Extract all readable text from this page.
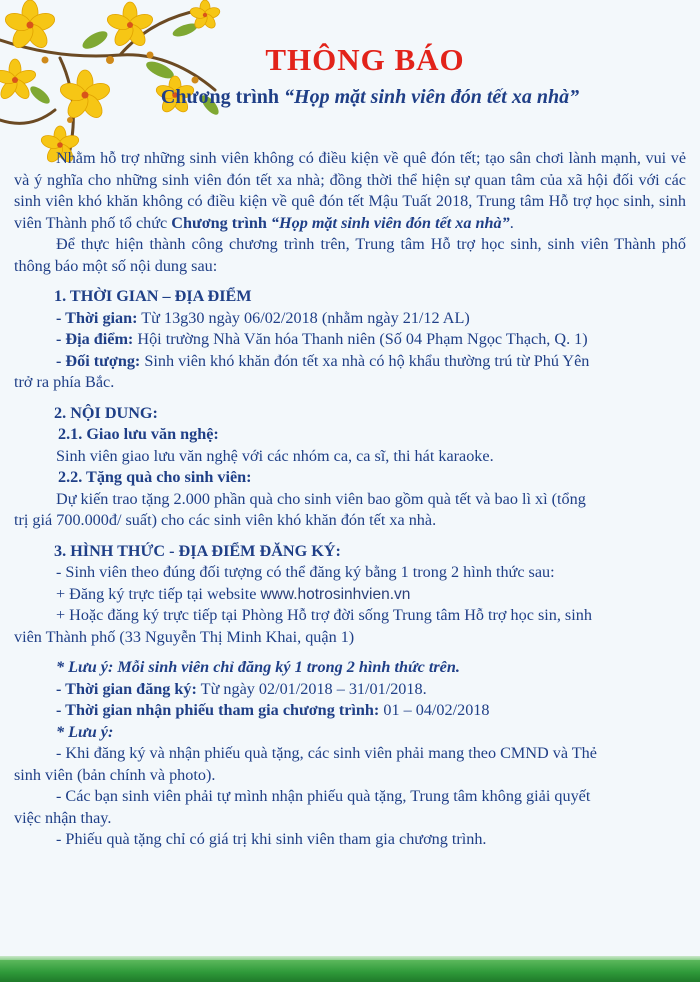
THÔNG BÁO
Chương trình “Họp mặt sinh viên đón tết xa nhà”

Nhằm hỗ trợ những sinh viên không có điều kiện về quê đón tết; tạo sân chơi lành mạnh, vui vẻ và ý nghĩa cho những sinh viên đón tết xa nhà; đồng thời thể hiện sự quan tâm của xã hội đối với các sinh viên khó khăn không có điều kiện về quê đón tết Mậu Tuất 2018, Trung tâm Hỗ trợ học sinh, sinh viên Thành phố tổ chức Chương trình “Họp mặt sinh viên đón tết xa nhà”.

Để thực hiện thành công chương trình trên, Trung tâm Hỗ trợ học sinh, sinh viên Thành phố thông báo một số nội dung sau:

1. THỜI GIAN – ĐỊA ĐIỂM

- Thời gian: Từ 13g30 ngày 06/02/2018 (nhằm ngày 21/12 AL)

- Địa điểm: Hội trường Nhà Văn hóa Thanh niên (Số 04 Phạm Ngọc Thạch, Q. 1)

- Đối tượng: Sinh viên khó khăn đón tết xa nhà có hộ khẩu thường trú từ Phú Yên

trở ra phía Bắc.

2. NỘI DUNG:

2.1. Giao lưu văn nghệ:

Sinh viên giao lưu văn nghệ với các nhóm ca, ca sĩ, thi hát karaoke.

2.2. Tặng quà cho sinh viên:

Dự kiến trao tặng 2.000 phần quà cho sinh viên bao gồm quà tết và bao lì xì (tổng

trị giá 700.000đ/ suất) cho các sinh viên khó khăn đón tết xa nhà.

3. HÌNH THỨC - ĐỊA ĐIỂM ĐĂNG KÝ:

- Sinh viên theo đúng đối tượng có thể đăng ký bằng 1 trong 2 hình thức sau:

+ Đăng ký trực tiếp tại website www.hotrosinhvien.vn

+ Hoặc đăng ký trực tiếp tại Phòng Hỗ trợ đời sống Trung tâm Hỗ trợ học sin, sinh

viên Thành phố (33 Nguyễn Thị Minh Khai, quận 1)

* Lưu ý: Mỗi sinh viên chỉ đăng ký 1 trong 2 hình thức trên.

- Thời gian đăng ký: Từ ngày 02/01/2018 – 31/01/2018.

- Thời gian nhận phiếu tham gia chương trình: 01 – 04/02/2018

* Lưu ý:

- Khi đăng ký và nhận phiếu quà tặng, các sinh viên phải mang theo CMND và Thẻ

sinh viên (bản chính và photo).

- Các bạn sinh viên phải tự mình nhận phiếu quà tặng, Trung tâm không giải quyết

việc nhận thay.

- Phiếu quà tặng chỉ có giá trị khi sinh viên tham gia chương trình.
